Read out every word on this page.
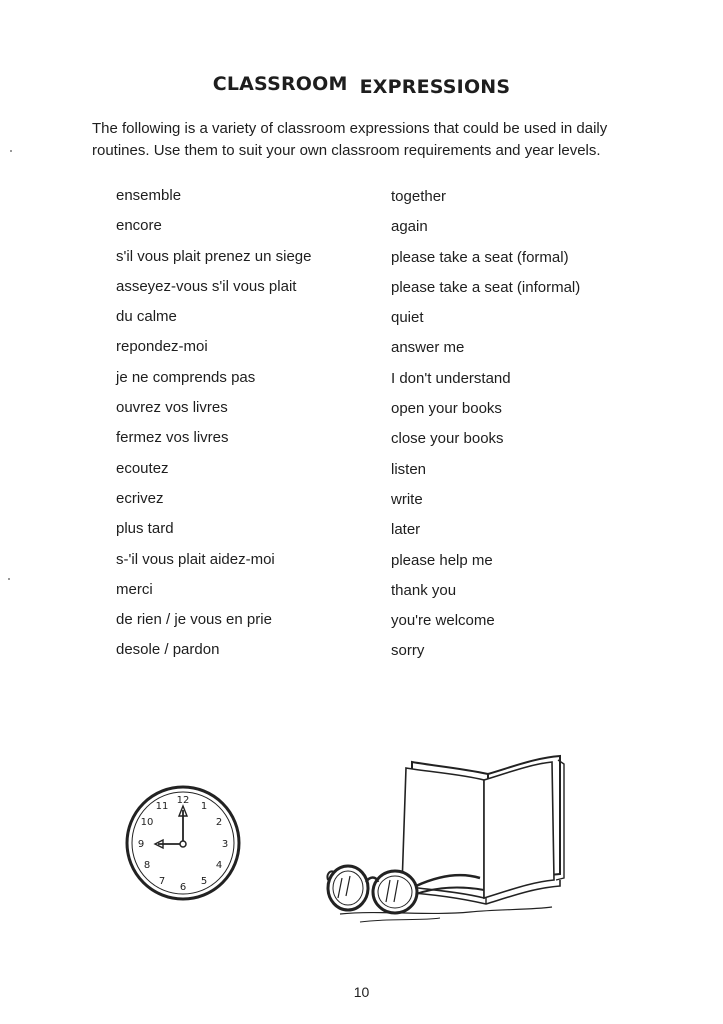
CLASSROOM EXPRESSIONS

The following is a variety of classroom expressions that could be used in daily
routines. Use them to suit your own classroom requirements and year levels.

ensemble	together
encore	again
s'il vous plait prenez un siege	please take a seat (formal)
asseyez-vous s'il vous plait	please take a seat (informal)
du calme	quiet
repondez-moi	answer me
je ne comprends pas	I don't understand
ouvrez vos livres	open your books
fermez vos livres	close your books
ecoutez	listen
ecrivez	write
plus tard	later
s-'il vous plait aidez-moi	please help me
merci	thank you
de rien / je vous en prie	you're welcome
desole / pardon	sorry
12
1
2
3
4
5
6
7
8
9
10
11
10
